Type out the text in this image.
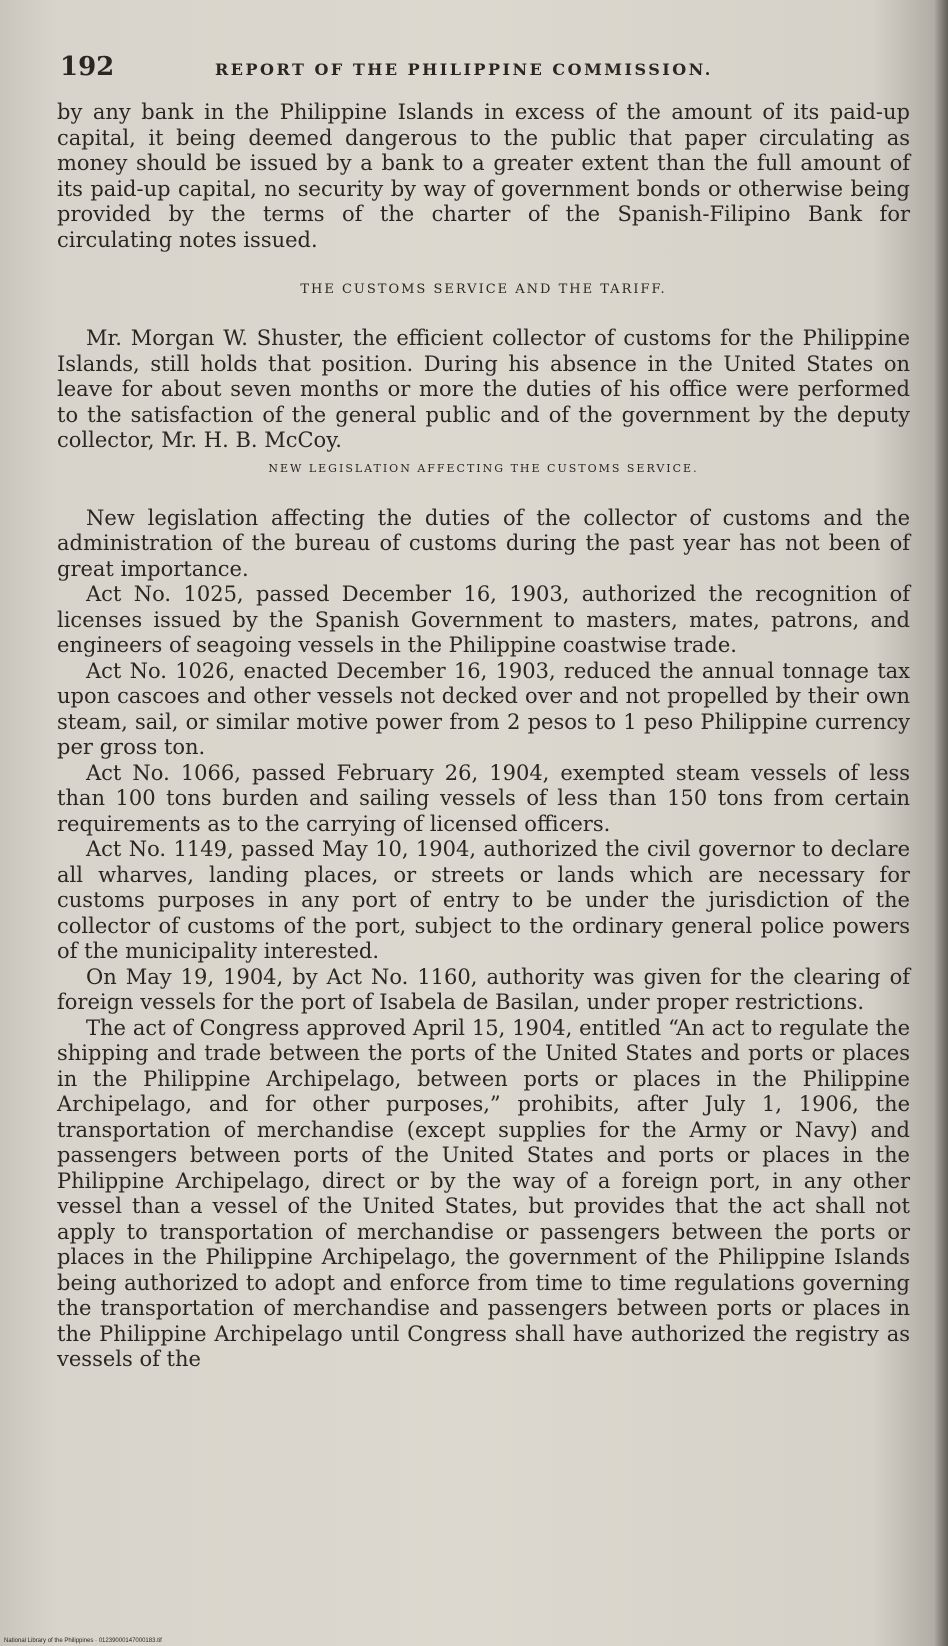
192	REPORT OF THE PHILIPPINE COMMISSION.

by any bank in the Philippine Islands in excess of the amount of its paid-up capital, it being deemed dangerous to the public that paper circulating as money should be issued by a bank to a greater extent than the full amount of its paid-up capital, no security by way of government bonds or otherwise being provided by the terms of the charter of the Spanish-Filipino Bank for circulating notes issued.

THE CUSTOMS SERVICE AND THE TARIFF.

Mr. Morgan W. Shuster, the efficient collector of customs for the Philippine Islands, still holds that position. During his absence in the United States on leave for about seven months or more the duties of his office were performed to the satisfaction of the general public and of the government by the deputy collector, Mr. H. B. McCoy.

NEW LEGISLATION AFFECTING THE CUSTOMS SERVICE.

New legislation affecting the duties of the collector of customs and the administration of the bureau of customs during the past year has not been of great importance.

Act No. 1025, passed December 16, 1903, authorized the recognition of licenses issued by the Spanish Government to masters, mates, patrons, and engineers of seagoing vessels in the Philippine coastwise trade.

Act No. 1026, enacted December 16, 1903, reduced the annual tonnage tax upon cascoes and other vessels not decked over and not propelled by their own steam, sail, or similar motive power from 2 pesos to 1 peso Philippine currency per gross ton.

Act No. 1066, passed February 26, 1904, exempted steam vessels of less than 100 tons burden and sailing vessels of less than 150 tons from certain requirements as to the carrying of licensed officers.

Act No. 1149, passed May 10, 1904, authorized the civil governor to declare all wharves, landing places, or streets or lands which are necessary for customs purposes in any port of entry to be under the jurisdiction of the collector of customs of the port, subject to the ordinary general police powers of the municipality interested.

On May 19, 1904, by Act No. 1160, authority was given for the clearing of foreign vessels for the port of Isabela de Basilan, under proper restrictions.

The act of Congress approved April 15, 1904, entitled “An act to regulate the shipping and trade between the ports of the United States and ports or places in the Philippine Archipelago, between ports or places in the Philippine Archipelago, and for other purposes,” prohibits, after July 1, 1906, the transportation of merchandise (except supplies for the Army or Navy) and passengers between ports of the United States and ports or places in the Philippine Archipelago, direct or by the way of a foreign port, in any other vessel than a vessel of the United States, but provides that the act shall not apply to transportation of merchandise or passengers between the ports or places in the Philippine Archipelago, the government of the Philippine Islands being authorized to adopt and enforce from time to time regulations governing the transportation of merchandise and passengers between ports or places in the Philippine Archipelago until Congress shall have authorized the registry as vessels of the

National Library of the Philippines · 01239000147000183.tif
